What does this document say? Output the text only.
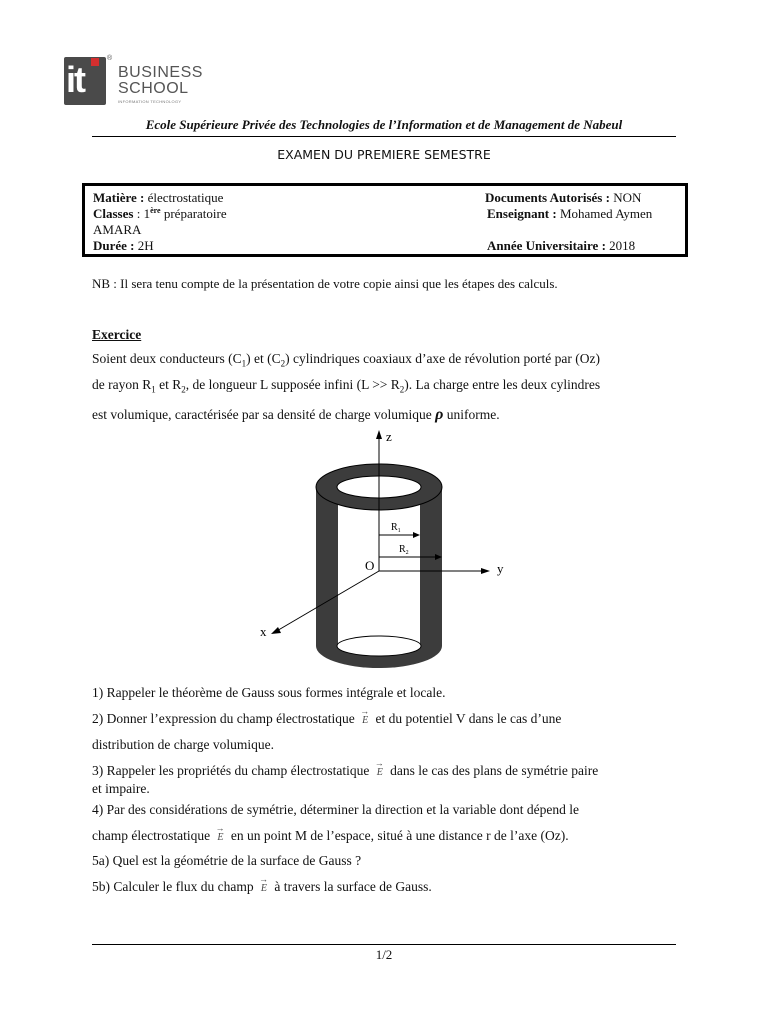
it
®
BUSINESS
SCHOOL
INFORMATION TECHNOLOGY
Ecole Supérieure Privée des Technologies de l’Information et de Management de Nabeul
EXAMEN DU PREMIERE SEMESTRE
Matière : électrostatique	Documents Autorisés : NON
Classes : 1ère préparatoire	Enseignant : Mohamed Aymen
AMARA
Durée : 2H	Année Universitaire : 2018
NB : Il sera tenu compte de la présentation de votre copie ainsi que les étapes des calculs.
Exercice
Soient deux conducteurs $(C_1)$ et $(C_2)$ cylindriques coaxiaux d’axe de révolution porté par (Oz)
de rayon $R_1$ et $R_2$, de longueur L supposée infini $(L >> R_2)$. La charge entre les deux cylindres
est volumique, caractérisée par sa densité de charge volumique ρ uniforme.
z
y
x
O
$R_1$
$R_2$
1) Rappeler le théorème de Gauss sous formes intégrale et locale.
2) Donner l’expression du champ électrostatique → E et du potentiel V dans le cas d’une
distribution de charge volumique.
3) Rappeler les propriétés du champ électrostatique → E dans le cas des plans de symétrie paire
et impaire.
4) Par des considérations de symétrie, déterminer la direction et la variable dont dépend le
champ électrostatique → E en un point M de l’espace, situé à une distance r de l’axe (Oz).
5a) Quel est la géométrie de la surface de Gauss ?
5b) Calculer le flux du champ → E à travers la surface de Gauss.
1/2
